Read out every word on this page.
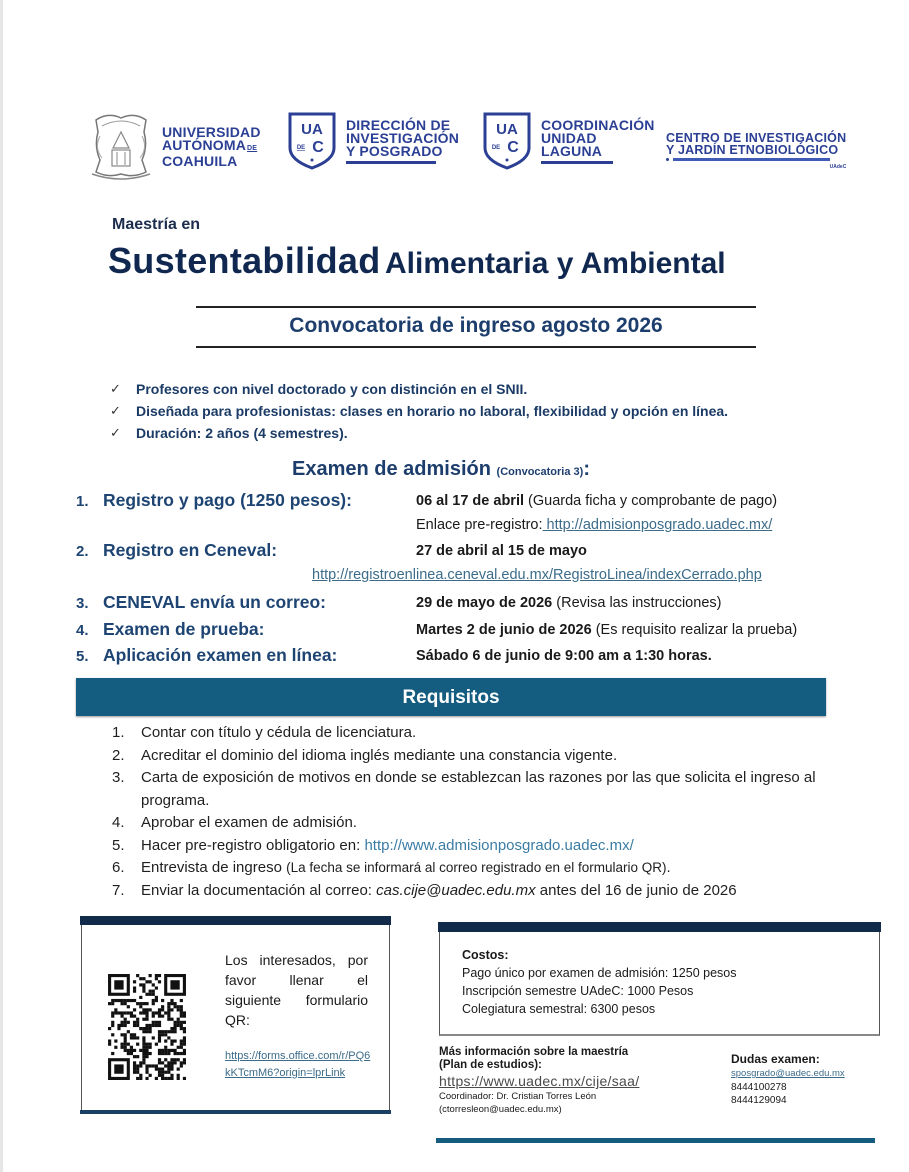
UNIVERSIDAD
AUTÓNOMADE
COAHUILA
UA
DE C
DIRECCIÓN DE
INVESTIGACIÓN
Y POSGRADO
UA
DE C
COORDINACIÓN
UNIDAD
LAGUNA
CENTRO DE INVESTIGACIÓN
Y JARDÍN ETNOBIOLÓGICO
UAdeC
Maestría en
Sustentabilidad Alimentaria y Ambiental
Convocatoria de ingreso agosto 2026
✓	Profesores con nivel doctorado y con distinción en el SNII.
✓	Diseñada para profesionistas: clases en horario no laboral, flexibilidad y opción en línea.
✓	Duración: 2 años (4 semestres).
Examen de admisión (Convocatoria 3):
1. Registro y pago (1250 pesos):	06 al 17 de abril (Guarda ficha y comprobante de pago)
Enlace pre-registro: http://admisionposgrado.uadec.mx/
2. Registro en Ceneval:	27 de abril al 15 de mayo
http://registroenlinea.ceneval.edu.mx/RegistroLinea/indexCerrado.php
3. CENEVAL envía un correo:	29 de mayo de 2026 (Revisa las instrucciones)
4. Examen de prueba:	Martes 2 de junio de 2026 (Es requisito realizar la prueba)
5. Aplicación examen en línea:	Sábado 6 de junio de 9:00 am a 1:30 horas.
Requisitos
1.	Contar con título y cédula de licenciatura.
2.	Acreditar el dominio del idioma inglés mediante una constancia vigente.
3.	Carta de exposición de motivos en donde se establezcan las razones por las que solicita el ingreso al programa.
4.	Aprobar el examen de admisión.
5.	Hacer pre-registro obligatorio en: http://www.admisionposgrado.uadec.mx/
6.	Entrevista de ingreso (La fecha se informará al correo registrado en el formulario QR).
7.	Enviar la documentación al correo: cas.cije@uadec.edu.mx antes del 16 de junio de 2026
Los interesados, por favor llenar el siguiente formulario QR:
https://forms.office.com/r/PQ6kKTcmM6?origin=lprLink
Costos:
Pago único por examen de admisión: 1250 pesos
Inscripción semestre UAdeC: 1000 Pesos
Colegiatura semestral: 6300 pesos
Más información sobre la maestría
(Plan de estudios):
https://www.uadec.mx/cije/saa/
Coordinador: Dr. Cristian Torres León
(ctorresleon@uadec.edu.mx)
Dudas examen:
sposgrado@uadec.edu.mx
8444100278
8444129094
